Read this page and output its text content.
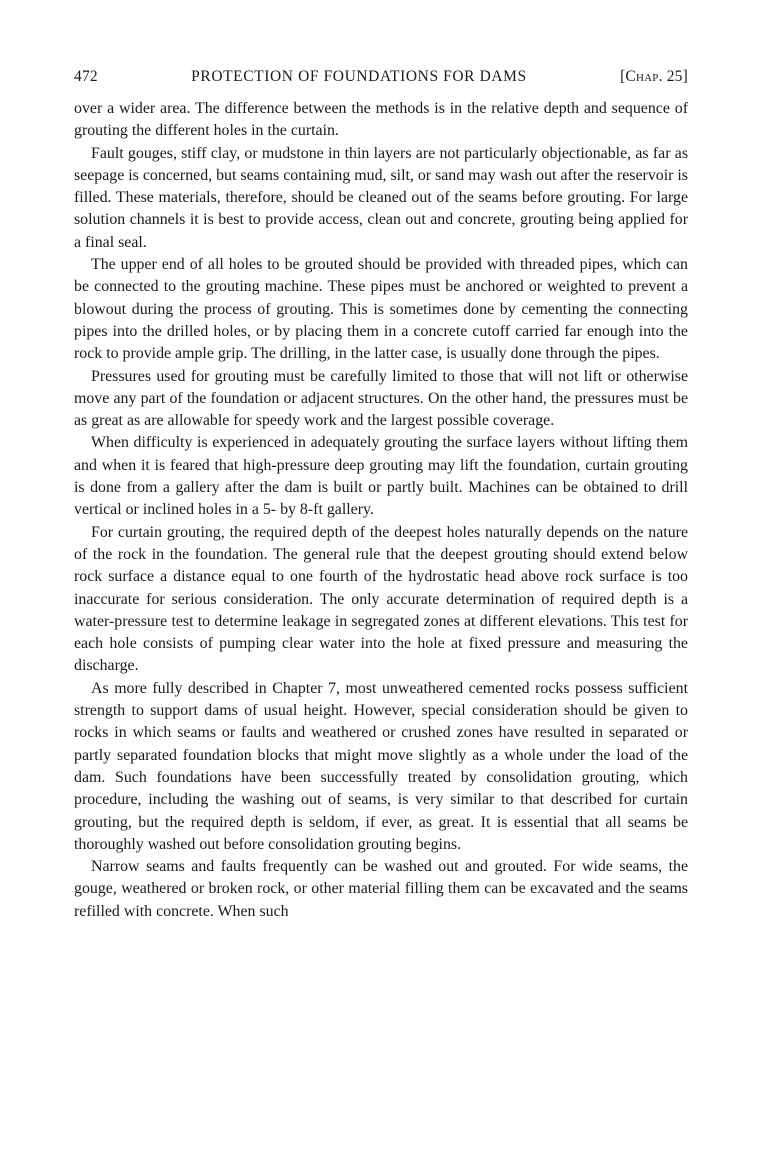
472	PROTECTION OF FOUNDATIONS FOR DAMS	[Chap. 25]

over a wider area. The difference between the methods is in the relative depth and sequence of grouting the different holes in the curtain.

Fault gouges, stiff clay, or mudstone in thin layers are not particularly objectionable, as far as seepage is concerned, but seams containing mud, silt, or sand may wash out after the reservoir is filled. These materials, therefore, should be cleaned out of the seams before grouting. For large solution channels it is best to provide access, clean out and concrete, grouting being applied for a final seal.

The upper end of all holes to be grouted should be provided with threaded pipes, which can be connected to the grouting machine. These pipes must be anchored or weighted to prevent a blowout during the process of grouting. This is sometimes done by cementing the connecting pipes into the drilled holes, or by placing them in a concrete cutoff carried far enough into the rock to provide ample grip. The drilling, in the latter case, is usually done through the pipes.

Pressures used for grouting must be carefully limited to those that will not lift or otherwise move any part of the foundation or adjacent structures. On the other hand, the pressures must be as great as are allowable for speedy work and the largest possible coverage.

When difficulty is experienced in adequately grouting the surface layers without lifting them and when it is feared that high-pressure deep grouting may lift the foundation, curtain grouting is done from a gallery after the dam is built or partly built. Machines can be obtained to drill vertical or inclined holes in a 5- by 8-ft gallery.

For curtain grouting, the required depth of the deepest holes naturally depends on the nature of the rock in the foundation. The general rule that the deepest grouting should extend below rock surface a distance equal to one fourth of the hydrostatic head above rock surface is too inaccurate for serious consideration. The only accurate determination of required depth is a water-pressure test to determine leakage in segregated zones at different elevations. This test for each hole consists of pumping clear water into the hole at fixed pressure and measuring the discharge.

As more fully described in Chapter 7, most unweathered cemented rocks possess sufficient strength to support dams of usual height. However, special consideration should be given to rocks in which seams or faults and weathered or crushed zones have resulted in separated or partly separated foundation blocks that might move slightly as a whole under the load of the dam. Such foundations have been successfully treated by consolidation grouting, which procedure, including the washing out of seams, is very similar to that described for curtain grouting, but the required depth is seldom, if ever, as great. It is essential that all seams be thoroughly washed out before consolidation grouting begins.

Narrow seams and faults frequently can be washed out and grouted. For wide seams, the gouge, weathered or broken rock, or other material filling them can be excavated and the seams refilled with concrete. When such
